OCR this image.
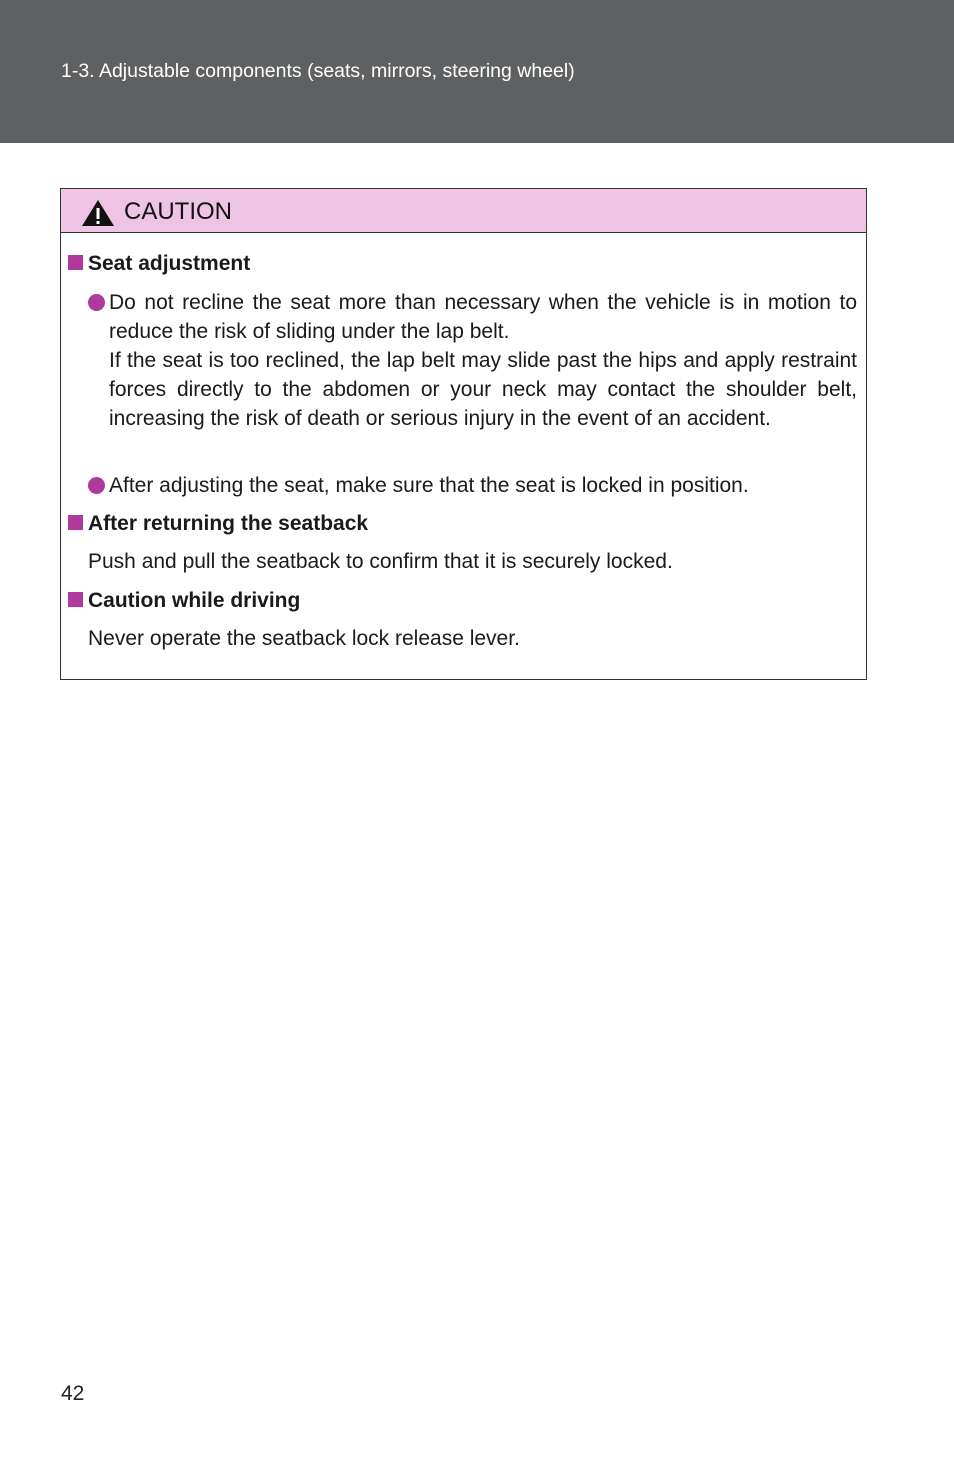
1-3. Adjustable components (seats, mirrors, steering wheel)
CAUTION
Seat adjustment
Do not recline the seat more than necessary when the vehicle is in motion to reduce the risk of sliding under the lap belt.
If the seat is too reclined, the lap belt may slide past the hips and apply restraint forces directly to the abdomen or your neck may contact the shoulder belt, increasing the risk of death or serious injury in the event of an accident.
After adjusting the seat, make sure that the seat is locked in position.
After returning the seatback
Push and pull the seatback to confirm that it is securely locked.
Caution while driving
Never operate the seatback lock release lever.
42
